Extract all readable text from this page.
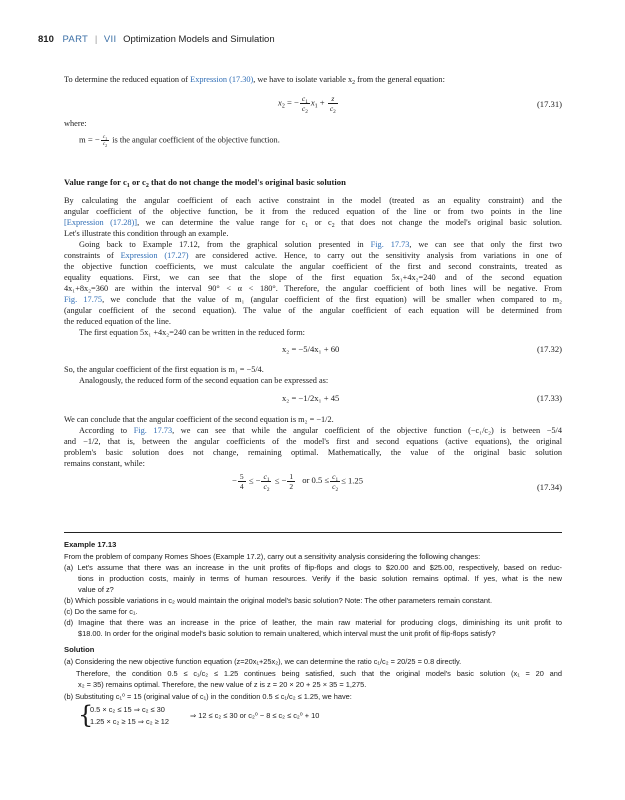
810 PART | VII Optimization Models and Simulation
To determine the reduced equation of Expression (17.30), we have to isolate variable $x_2$ from the general equation:
$x_2$ = − $\frac{c_1}{c_2} x_1 + \frac{z}{c_2}$	(17.31)
where:
m = − $\frac{c_1}{c_2}$ is the angular coefficient of the objective function.
Value range for $c_1$ or $c_2$ that do not change the model's original basic solution
By calculating the angular coefficient of each active constraint in the model (treated as an equality constraint) and the
angular coefficient of the objective function, be it from the reduced equation of the line or from two points in the line
[Expression (17.28)], we can determine the value range for $c_1$ or $c_2$ that does not change the model's original basic solution.
Let's illustrate this condition through an example.
Going back to Example 17.12, from the graphical solution presented in Fig. 17.73, we can see that only the first two
constraints of Expression (17.27) are considered active. Hence, to carry out the sensitivity analysis from variations in one of
the objective function coefficients, we must calculate the angular coefficient of the first and second constraints, treated as
equality equations. First, we can see that the slope of the first equation 5x₁+4x₂=240 and of the second equation
4x₁+8x₂=360 are within the interval 90° < α < 180°. Therefore, the angular coefficient of both lines will be negative. From
Fig. 17.75, we conclude that the value of m₁ (angular coefficient of the first equation) will be smaller when compared to m₂
(angular coefficient of the second equation). The value of the angular coefficient of each equation will be determined from
the reduced equation of the line.
The first equation 5x₁ +4x₂=240 can be written in the reduced form:
x₂ = −5/4x₁ + 60	(17.32)
So, the angular coefficient of the first equation is m₁ = −5/4.
Analogously, the reduced form of the second equation can be expressed as:
x₂ = −1/2x₁ + 45	(17.33)
We can conclude that the angular coefficient of the second equation is m₂ = −1/2.
According to Fig. 17.73, we can see that while the angular coefficient of the objective function (−c₁/c₂) is between −5/4
and −1/2, that is, between the angular coefficients of the model's first and second equations (active equations), the original
problem's basic solution does not change, remaining optimal. Mathematically, the value of the original basic solution
remains constant, while:
− $\frac{5}{4}$ ≤ − $\frac{c_1}{c_2}$ ≤ − $\frac{1}{2}$ or $0.5 \le \frac{c_1}{c_2} \le 1.25$
(17.34)
Example 17.13
From the problem of company Romes Shoes (Example 17.2), carry out a sensitivity analysis considering the following changes:
(a) Let's assume that there was an increase in the unit profits of flip-flops and clogs to $20.00 and $25.00, respectively, based on reduc-
tions in production costs, mainly in terms of human resources. Verify if the basic solution remains optimal. If yes, what is the new
value of z?
(b) Which possible variations in c₂ would maintain the original model's basic solution? Note: The other parameters remain constant.
(c) Do the same for c₁.
(d) Imagine that there was an increase in the price of leather, the main raw material for producing clogs, diminishing its unit profit to
$18.00. In order for the original model's basic solution to remain unaltered, which interval must the unit profit of flip-flops satisfy?
Solution
(a) Considering the new objective function equation (z=20x₁+25x₂), we can determine the ratio c₁/c₂ = 20/25 = 0.8 directly.
Therefore, the condition 0.5 ≤ c₁/c₂ ≤ 1.25 continues being satisfied, such that the original model's basic solution (x₁ = 20 and
x₂ = 35) remains optimal. Therefore, the new value of z is z = 20 × 20 + 25 × 35 = 1,275.
(b) Substituting c₁⁰ = 15 (original value of c₁) in the condition 0.5 ≤ c₁/c₂ ≤ 1.25, we have:
{
0.5 × c₂ ≤ 15 ⇒ c₂ ≤ 30
1.25 × c₂ ≥ 15 ⇒ c₂ ≥ 12
⇒ 12 ≤ c₂ ≤ 30 or c₂⁰ − 8 ≤ c₂ ≤ c₂⁰ + 10
